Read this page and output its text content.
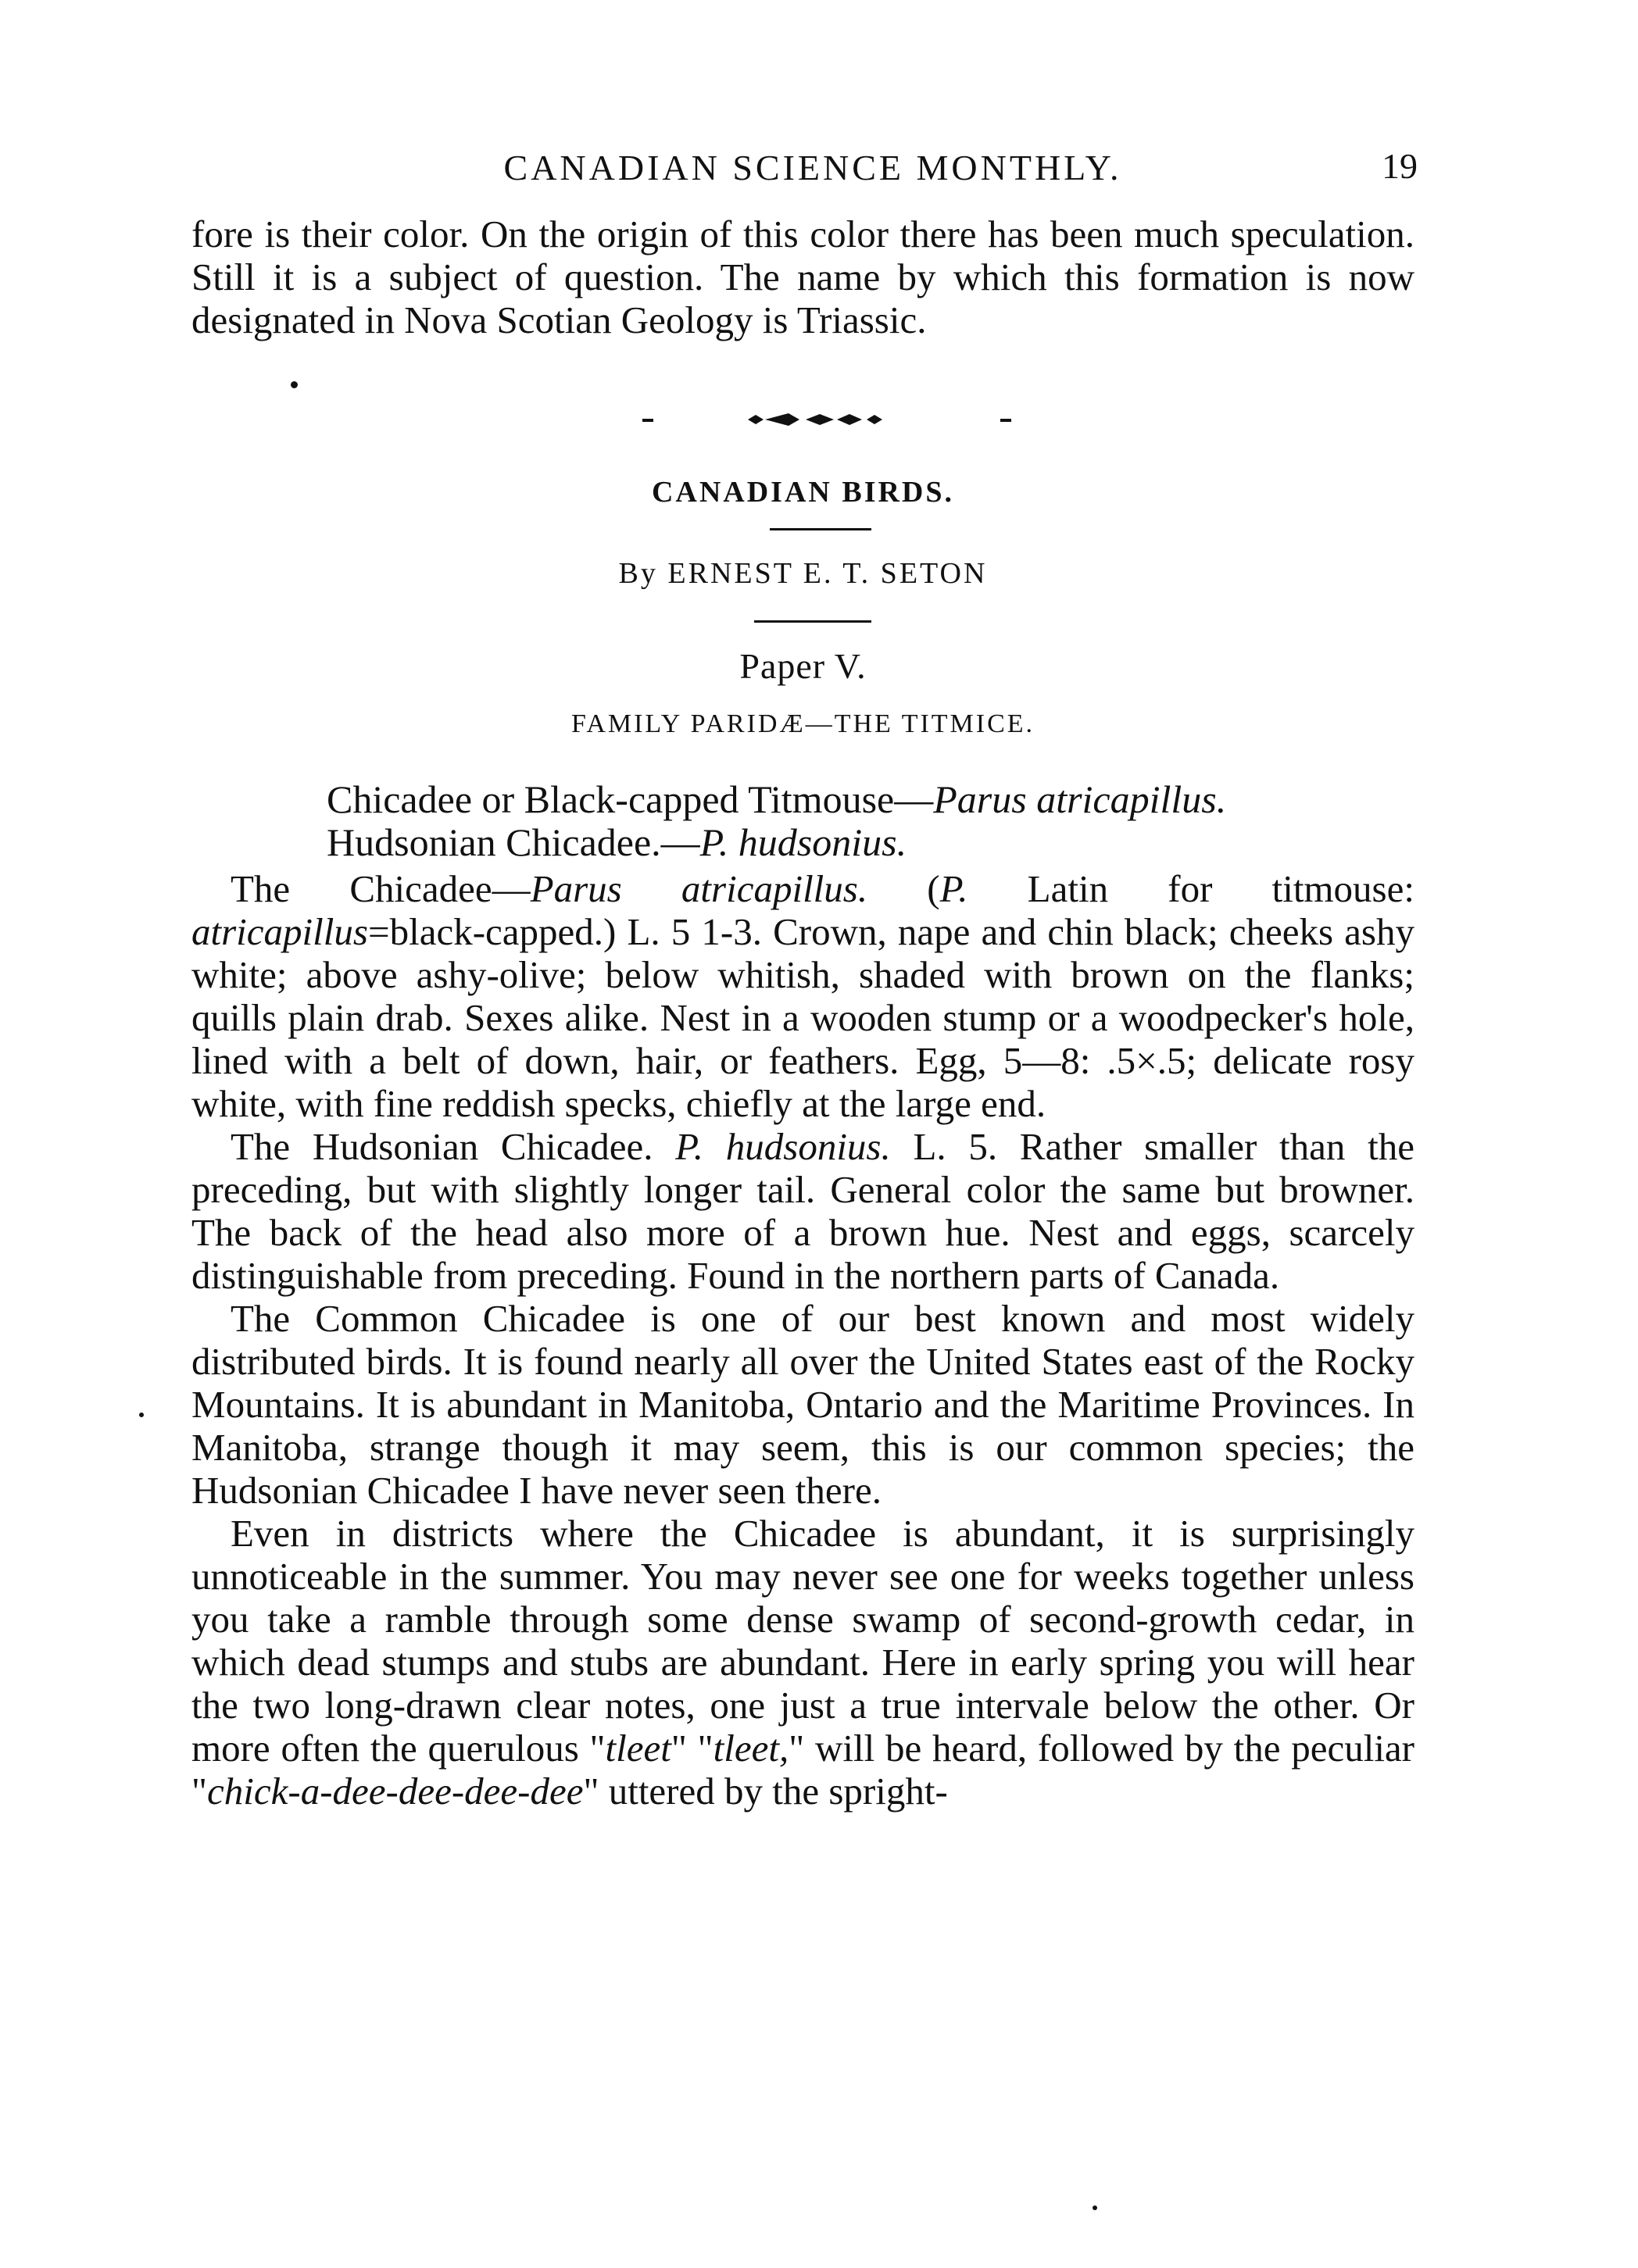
CANADIAN SCIENCE MONTHLY.	19

fore is their color. On the origin of this color there has been much speculation. Still it is a subject of question. The name by which this formation is now designated in Nova Scotian Geology is Triassic.

CANADIAN BIRDS.
By ERNEST E. T. SETON
Paper V.
FAMILY PARIDÆ—THE TITMICE.
Chicadee or Black-capped Titmouse—Parus atricapillus.
Hudsonian Chicadee.—P. hudsonius.

The Chicadee—Parus atricapillus. (P. Latin for titmouse: atricapillus=black-capped.) L. 5 1-3. Crown, nape and chin black; cheeks ashy white; above ashy-olive; below whitish, shaded with brown on the flanks; quills plain drab. Sexes alike. Nest in a wooden stump or a woodpecker's hole, lined with a belt of down, hair, or feathers. Egg, 5—8: .5×.5; delicate rosy white, with fine reddish specks, chiefly at the large end.

The Hudsonian Chicadee. P. hudsonius. L. 5. Rather smaller than the preceding, but with slightly longer tail. General color the same but browner. The back of the head also more of a brown hue. Nest and eggs, scarcely distinguishable from preceding. Found in the northern parts of Canada.

The Common Chicadee is one of our best known and most widely distributed birds. It is found nearly all over the United States east of the Rocky Mountains. It is abundant in Manitoba, Ontario and the Maritime Provinces. In Manitoba, strange though it may seem, this is our common species; the Hudsonian Chicadee I have never seen there.

Even in districts where the Chicadee is abundant, it is surprisingly unnoticeable in the summer. You may never see one for weeks together unless you take a ramble through some dense swamp of second-growth cedar, in which dead stumps and stubs are abundant. Here in early spring you will hear the two long-drawn clear notes, one just a true intervale below the other. Or more often the querulous "tleet" "tleet," will be heard, followed by the peculiar "chick-a-dee-dee-dee-dee" uttered by the spright-
